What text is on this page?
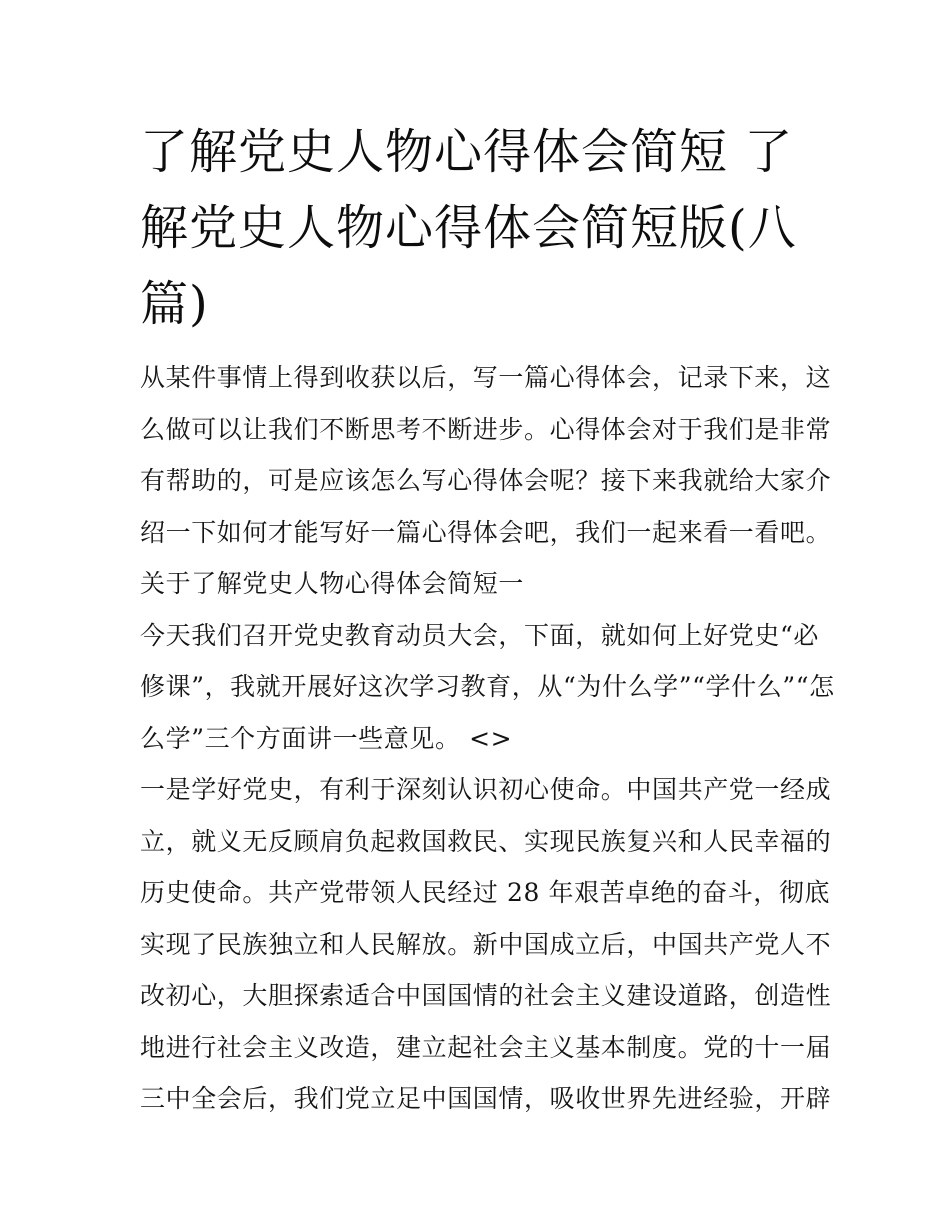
了解党史人物心得体会简短 了
解党史人物心得体会简短版(八
篇)
从某件事情上得到收获以后，写一篇心得体会，记录下来，这
么做可以让我们不断思考不断进步。心得体会对于我们是非常
有帮助的，可是应该怎么写心得体会呢？接下来我就给大家介
绍一下如何才能写好一篇心得体会吧，我们一起来看一看吧。
关于了解党史人物心得体会简短一
今天我们召开党史教育动员大会，下面，就如何上好党史“必
修课”，我就开展好这次学习教育，从“为什么学”“学什么”“怎
么学”三个方面讲一些意见。 <>
一是学好党史，有利于深刻认识初心使命。中国共产党一经成
立，就义无反顾肩负起救国救民、实现民族复兴和人民幸福的
历史使命。共产党带领人民经过 28 年艰苦卓绝的奋斗，彻底
实现了民族独立和人民解放。新中国成立后，中国共产党人不
改初心，大胆探索适合中国国情的社会主义建设道路，创造性
地进行社会主义改造，建立起社会主义基本制度。党的十一届
三中全会后，我们党立足中国国情，吸收世界先进经验，开辟
